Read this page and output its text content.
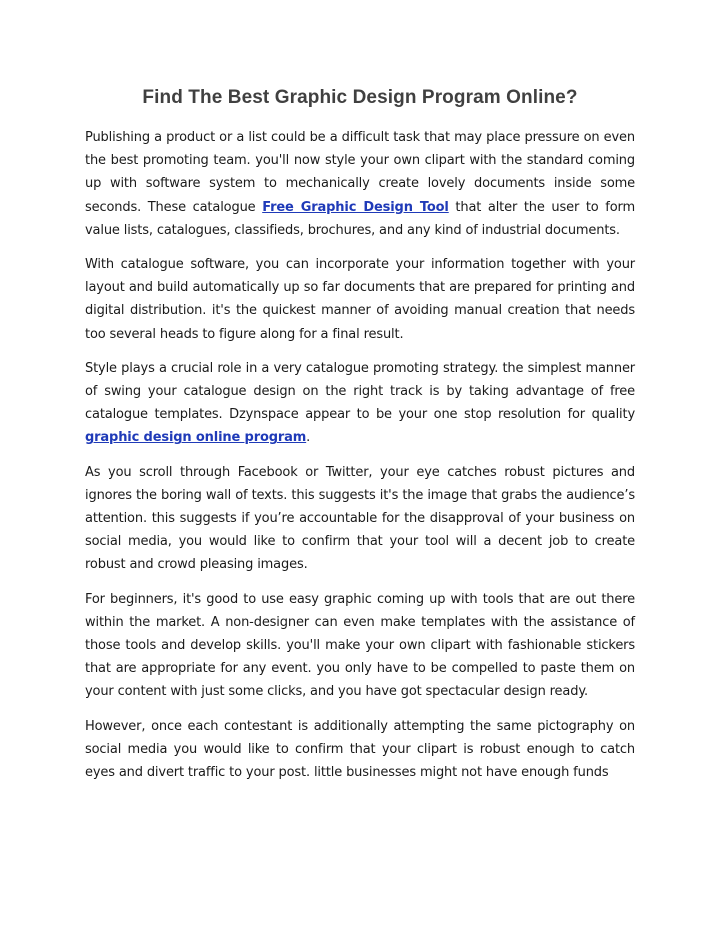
Find The Best Graphic Design Program Online?

Publishing a product or a list could be a difficult task that may place pressure on even the best promoting team. you'll now style your own clipart with the standard coming up with software system to mechanically create lovely documents inside some seconds. These catalogue Free Graphic Design Tool that alter the user to form value lists, catalogues, classifieds, brochures, and any kind of industrial documents.

With catalogue software, you can incorporate your information together with your layout and build automatically up so far documents that are prepared for printing and digital distribution. it's the quickest manner of avoiding manual creation that needs too several heads to figure along for a final result.

Style plays a crucial role in a very catalogue promoting strategy. the simplest manner of swing your catalogue design on the right track is by taking advantage of free catalogue templates. Dzynspace appear to be your one stop resolution for quality graphic design online program.

As you scroll through Facebook or Twitter, your eye catches robust pictures and ignores the boring wall of texts. this suggests it's the image that grabs the audience’s attention. this suggests if you’re accountable for the disapproval of your business on social media, you would like to confirm that your tool will a decent job to create robust and crowd pleasing images.

For beginners, it's good to use easy graphic coming up with tools that are out there within the market. A non-designer can even make templates with the assistance of those tools and develop skills. you'll make your own clipart with fashionable stickers that are appropriate for any event. you only have to be compelled to paste them on your content with just some clicks, and you have got spectacular design ready.

However, once each contestant is additionally attempting the same pictography on social media you would like to confirm that your clipart is robust enough to catch eyes and divert traffic to your post. little businesses might not have enough funds
